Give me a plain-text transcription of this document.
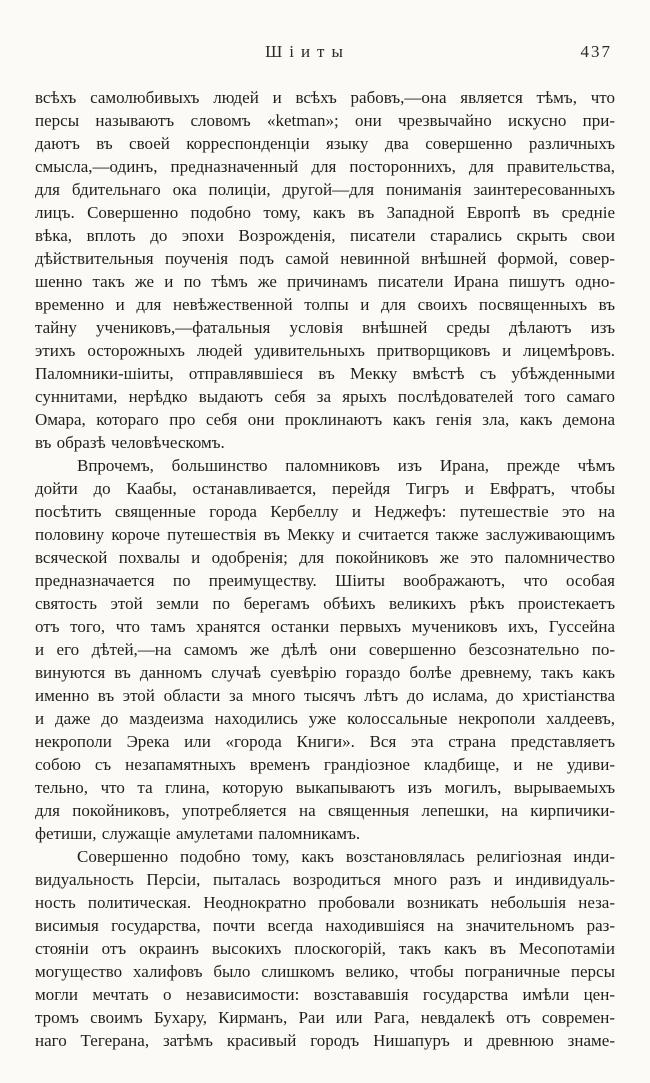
Шіиты	437

всѣхъ самолюбивыхъ людей и всѣхъ рабовъ,—она является тѣмъ, что
персы называютъ словомъ «ketman»; они чрезвычайно искусно при-
даютъ въ своей корреспонденціи языку два совершенно различныхъ
смысла,—одинъ, предназначенный для постороннихъ, для правительства,
для бдительнаго ока полиціи, другой—для пониманія заинтересованныхъ
лицъ. Совершенно подобно тому, какъ въ Западной Европѣ въ средніе
вѣка, вплоть до эпохи Возрожденія, писатели старались скрыть свои
дѣйствительныя поученія подъ самой невинной внѣшней формой, совер-
шенно такъ же и по тѣмъ же причинамъ писатели Ирана пишутъ одно-
временно и для невѣжественной толпы и для своихъ посвященныхъ въ
тайну учениковъ,—фатальныя условія внѣшней среды дѣлаютъ изъ
этихъ осторожныхъ людей удивительныхъ притворщиковъ и лицемѣровъ.
Паломники-шіиты, отправлявшіеся въ Мекку вмѣстѣ съ убѣжденными
суннитами, нерѣдко выдаютъ себя за ярыхъ послѣдователей того самаго
Омара, котораго про себя они проклинаютъ какъ генія зла, какъ демона
въ образѣ человѣческомъ.

Впрочемъ, большинство паломниковъ изъ Ирана, прежде чѣмъ
дойти до Каабы, останавливается, перейдя Тигръ и Евфратъ, чтобы
посѣтить священные города Кербеллу и Неджефъ: путешествіе это на
половину короче путешествія въ Мекку и считается также заслуживающимъ
всяческой похвалы и одобренія; для покойниковъ же это паломничество
предназначается по преимуществу. Шіиты воображаютъ, что особая
святость этой земли по берегамъ обѣихъ великихъ рѣкъ проистекаетъ
отъ того, что тамъ хранятся останки первыхъ мучениковъ ихъ, Гуссейна
и его дѣтей,—на самомъ же дѣлѣ они совершенно безсознательно по-
винуются въ данномъ случаѣ суевѣрію гораздо болѣе древнему, такъ какъ
именно въ этой области за много тысячъ лѣтъ до ислама, до христіанства
и даже до маздеизма находились уже колоссальные некрополи халдеевъ,
некрополи Эрека или «города Книги». Вся эта страна представляетъ
собою съ незапамятныхъ временъ грандіозное кладбище, и не удиви-
тельно, что та глина, которую выкапываютъ изъ могилъ, вырываемыхъ
для покойниковъ, употребляется на священныя лепешки, на кирпичики-
фетиши, служащіе амулетами паломникамъ.

Совершенно подобно тому, какъ возстановлялась религіозная инди-
видуальность Персіи, пыталась возродиться много разъ и индивидуаль-
ность политическая. Неоднократно пробовали возникать небольшія неза-
висимыя государства, почти всегда находившіяся на значительномъ раз-
стояніи отъ окраинъ высокихъ плоскогорій, такъ какъ въ Месопотаміи
могущество халифовъ было слишкомъ велико, чтобы пограничные персы
могли мечтать о независимости: возстававшія государства имѣли цен-
тромъ своимъ Бухару, Кирманъ, Раи или Рага, невдалекѣ отъ современ-
наго Тегерана, затѣмъ красивый городъ Нишапуръ и древнюю знаме-
